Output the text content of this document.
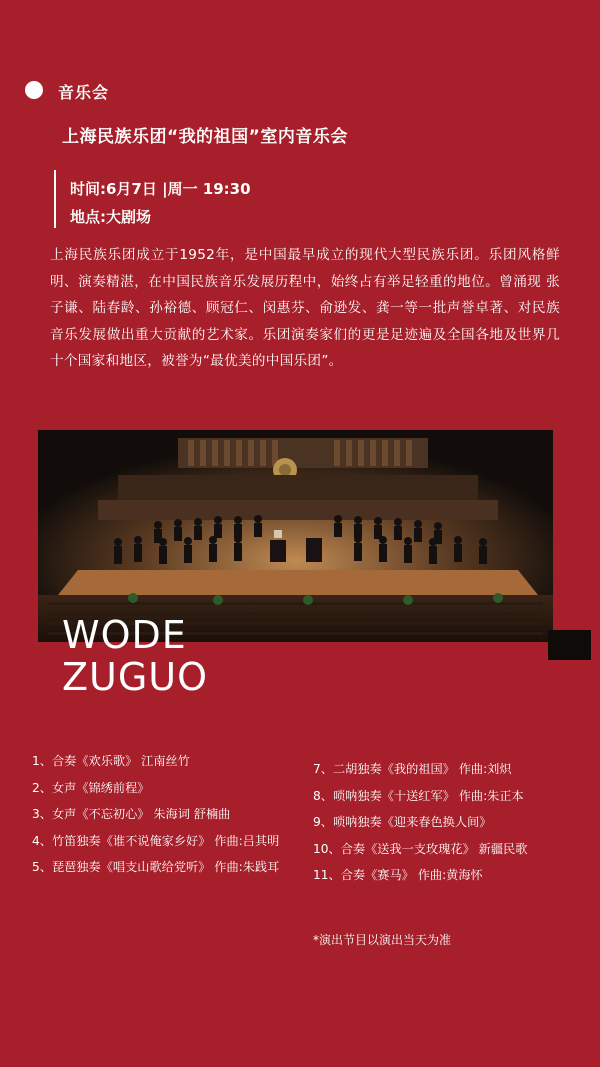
音乐会
上海民族乐团“我的祖国”室内音乐会
时间:6月7日 |周一 19:30
地点:大剧场
上海民族乐团成立于1952年，是中国最早成立的现代大型民族乐团。乐团风格鲜明、演奏精湛，在中国民族音乐发展历程中，始终占有举足轻重的地位。曾涌现 张子谦、陆春龄、孙裕德、顾冠仁、闵惠芬、俞逊发、龚一等一批声誉卓著、对民族音乐发展做出重大贡献的艺术家。乐团演奏家们的更是足迹遍及全国各地及世界几十个国家和地区，被誉为“最优美的中国乐团”。
WODE
ZUGUO
1、合奏《欢乐歌》 江南丝竹
2、女声《锦绣前程》
3、女声《不忘初心》 朱海词 舒楠曲
4、竹笛独奏《谁不说俺家乡好》 作曲:吕其明
5、琵琶独奏《唱支山歌给党听》 作曲:朱践耳
7、二胡独奏《我的祖国》 作曲:刘炽
8、唢呐独奏《十送红军》 作曲:朱正本
9、唢呐独奏《迎来春色换人间》
10、合奏《送我一支玫瑰花》 新疆民歌
11、合奏《赛马》 作曲:黄海怀
*演出节目以演出当天为准
